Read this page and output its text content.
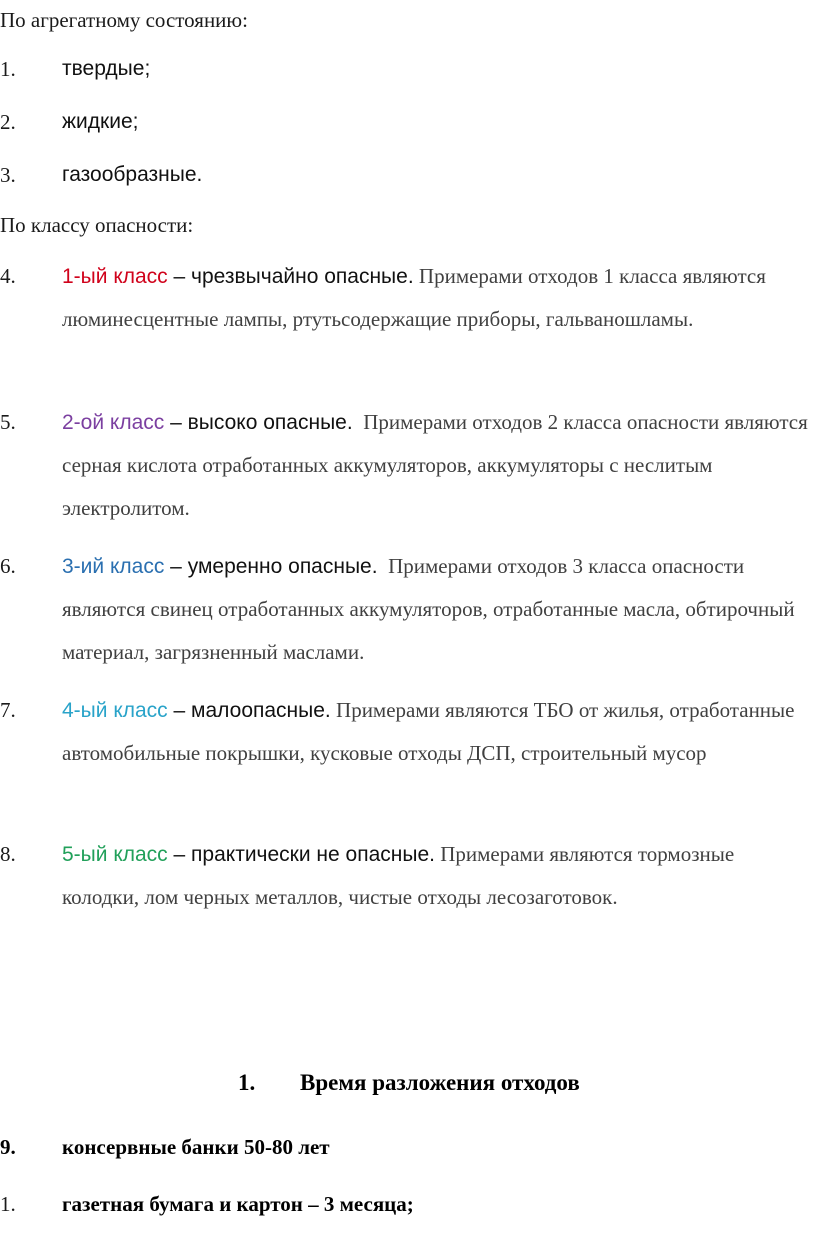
По агрегатному состоянию:
1. твердые;
2. жидкие;
3. газообразные.
По классу опасности:
4. 1-ый класс – чрезвычайно опасные. Примерами отходов 1 класса являются люминесцентные лампы, ртутьсодержащие приборы, гальваношламы.
5. 2-ой класс – высоко опасные.  Примерами отходов 2 класса опасности являются серная кислота отработанных аккумуляторов, аккумуляторы с неслитым электролитом.
6. 3-ий класс – умеренно опасные.  Примерами отходов 3 класса опасности являются свинец отработанных аккумуляторов, отработанные масла, обтирочный материал, загрязненный маслами.
7. 4-ый класс – малоопасные. Примерами являются ТБО от жилья, отработанные автомобильные покрышки, кусковые отходы ДСП, строительный мусор
8. 5-ый класс – практически не опасные. Примерами являются тормозные колодки, лом черных металлов, чистые отходы лесозаготовок.
1. Время разложения отходов
9. консервные банки 50-80 лет
1. газетная бумага и картон – 3 месяца;
